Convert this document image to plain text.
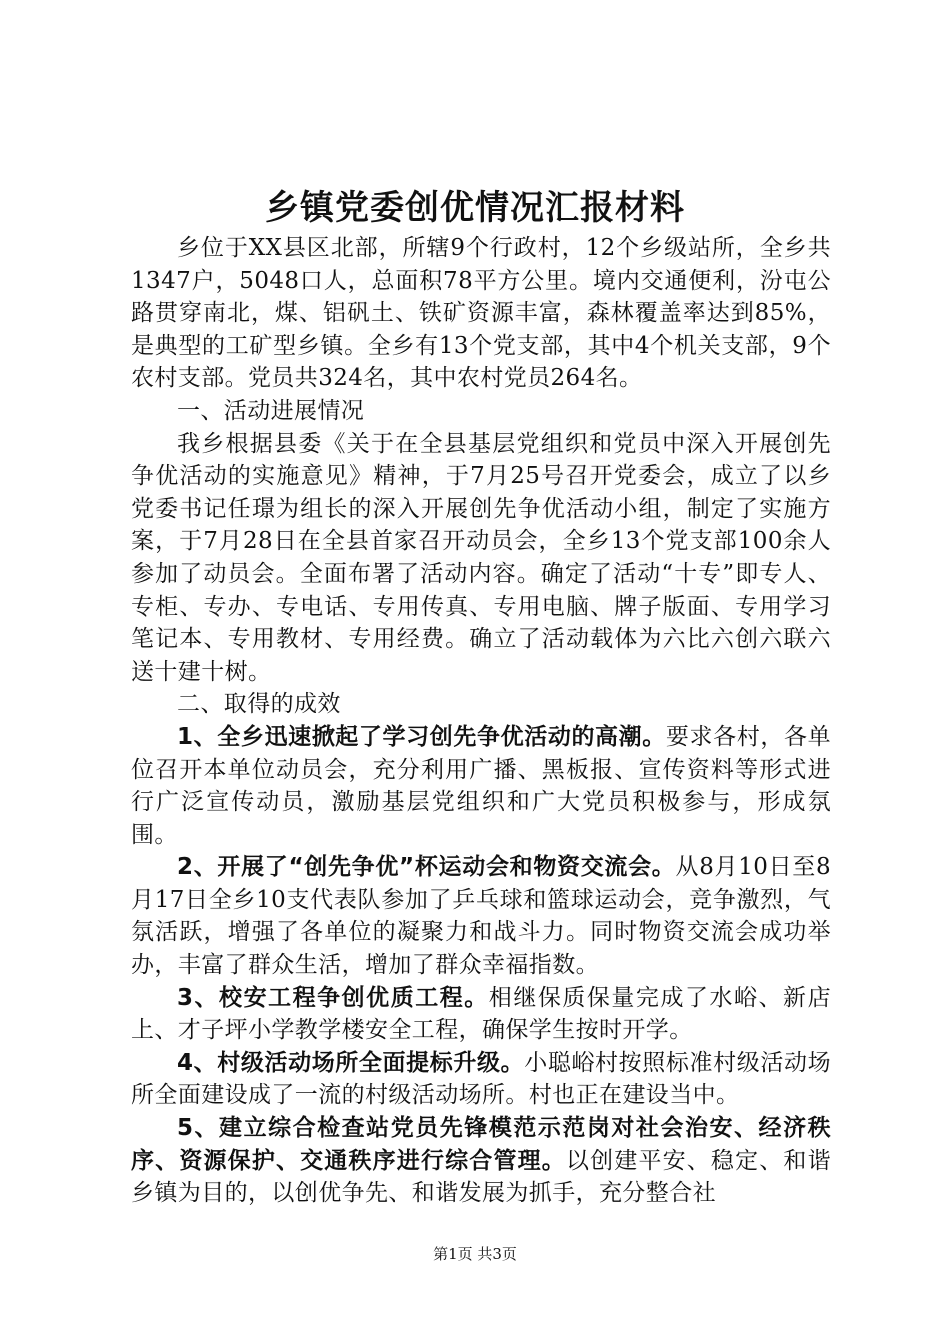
乡镇党委创优情况汇报材料

乡位于XX县区北部，所辖9个行政村，12个乡级站所，全乡共1347户，5048口人，总面积78平方公里。境内交通便利，汾屯公路贯穿南北，煤、铝矾土、铁矿资源丰富，森林覆盖率达到85%，是典型的工矿型乡镇。全乡有13个党支部，其中4个机关支部，9个农村支部。党员共324名，其中农村党员264名。

一、活动进展情况

我乡根据县委《关于在全县基层党组织和党员中深入开展创先争优活动的实施意见》精神，于7月25号召开党委会，成立了以乡党委书记任璟为组长的深入开展创先争优活动小组，制定了实施方案，于7月28日在全县首家召开动员会，全乡13个党支部100余人参加了动员会。全面布署了活动内容。确定了活动“十专”即专人、专柜、专办、专电话、专用传真、专用电脑、牌子版面、专用学习笔记本、专用教材、专用经费。确立了活动载体为六比六创六联六送十建十树。

二、取得的成效

1、全乡迅速掀起了学习创先争优活动的高潮。要求各村，各单位召开本单位动员会，充分利用广播、黑板报、宣传资料等形式进行广泛宣传动员，激励基层党组织和广大党员积极参与，形成氛围。

2、开展了“创先争优”杯运动会和物资交流会。从8月10日至8月17日全乡10支代表队参加了乒乓球和篮球运动会，竞争激烈，气氛活跃，增强了各单位的凝聚力和战斗力。同时物资交流会成功举办，丰富了群众生活，增加了群众幸福指数。

3、校安工程争创优质工程。相继保质保量完成了水峪、新店上、才子坪小学教学楼安全工程，确保学生按时开学。

4、村级活动场所全面提标升级。小聪峪村按照标准村级活动场所全面建设成了一流的村级活动场所。村也正在建设当中。

5、建立综合检查站党员先锋模范示范岗对社会治安、经济秩序、资源保护、交通秩序进行综合管理。以创建平安、稳定、和谐乡镇为目的，以创优争先、和谐发展为抓手，充分整合社

第1页 共3页
